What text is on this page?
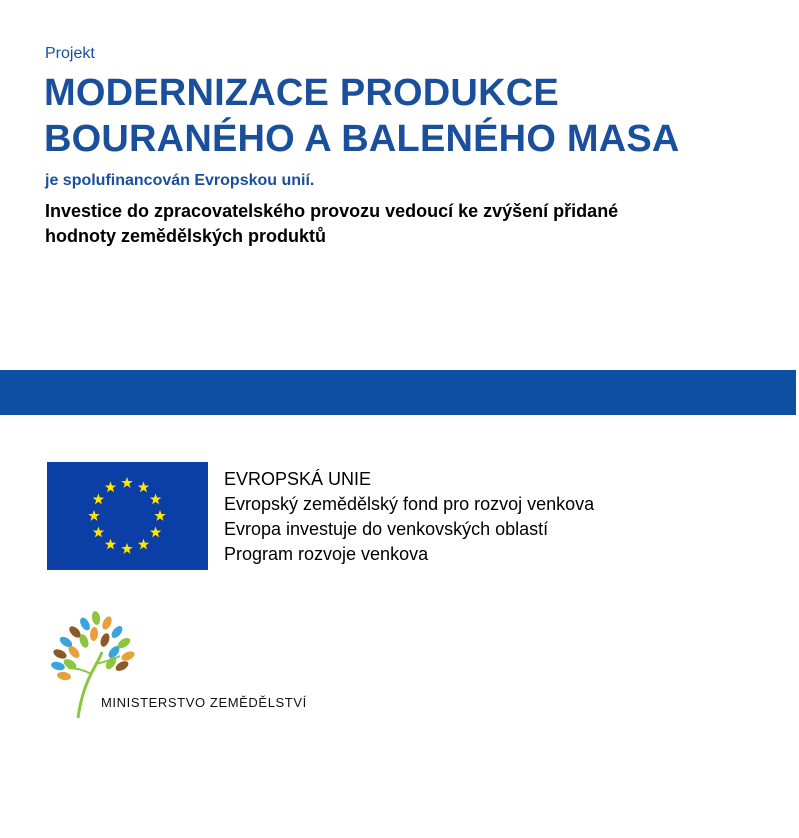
Projekt
MODERNIZACE PRODUKCE
BOURANÉHO A BALENÉHO MASA
je spolufinancován Evropskou unií.
Investice do zpracovatelského provozu vedoucí ke zvýšení přidané
hodnoty zemědělských produktů
EVROPSKÁ UNIE
Evropský zemědělský fond pro rozvoj venkova
Evropa investuje do venkovských oblastí
Program rozvoje venkova
MINISTERSTVO ZEMĚDĚLSTVÍ
